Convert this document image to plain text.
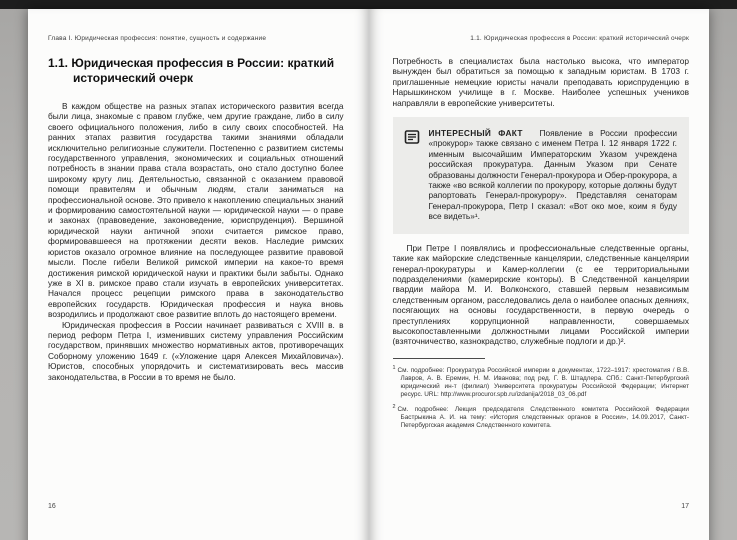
Глава I. Юридическая профессия: понятие, сущность и содержание
1.1. Юридическая профессия в России: краткий исторический очерк

В каждом обществе на разных этапах исторического развития всегда были лица, знакомые с правом глубже, чем другие граждане, либо в силу своего официального положения, либо в силу своих способностей. На ранних этапах развития государства такими знаниями обладали исключительно религиозные служители. Постепенно с развитием системы государственного управления, экономических и социальных отношений потребность в знании права стала возрастать, оно стало доступно более широкому кругу лиц. Деятельностью, связанной с оказанием правовой помощи правителям и обычным людям, стали заниматься на профессиональной основе. Это привело к накоплению специальных знаний и формированию самостоятельной науки — юридической науки — о праве и законах (правоведение, законоведение, юриспруденция). Вершиной юридической науки античной эпохи считается римское право, формировавшееся на протяжении десяти веков. Наследие римских юристов оказало огромное влияние на последующее развитие правовой мысли. После гибели Великой римской империи на какое-то время достижения римской юридической науки и практики были забыты. Однако уже в XI в. римское право стали изучать в европейских университетах. Начался процесс рецепции римского права в законодательство европейских государств. Юридическая профессия и наука вновь возродились и продолжают свое развитие вплоть до настоящего времени.

Юридическая профессия в России начинает развиваться с XVIII в. в период реформ Петра I, изменивших систему управления Российским государством, принявших множество нормативных актов, противоречащих Соборному уложению 1649 г. («Уложение царя Алексея Михайловича»). Юристов, способных упорядочить и систематизировать весь массив законодательства, в России в то время не было.

16
1.1. Юридическая профессия в России: краткий исторический очерк

Потребность в специалистах была настолько высока, что император вынужден был обратиться за помощью к западным юристам. В 1703 г. приглашенные немецкие юристы начали преподавать юриспруденцию в Нарышкинском училище в г. Москве. Наиболее успешных учеников направляли в европейские университеты.

ИНТЕРЕСНЫЙ ФАКТ Появление в России профессии «прокурор» также связано с именем Петра I. 12 января 1722 г. именным высочайшим Императорским Указом учреждена российская прокуратура. Данным Указом при Сенате образованы должности Генерал-прокурора и Обер-прокурора, а также «во всякой коллегии по прокурору, которые должны будут рапортовать Генерал-прокурору». Представляя сенаторам Генерал-прокурора, Петр I сказал: «Вот око мое, коим я буду все видеть»¹.

При Петре I появлялись и профессиональные следственные органы, такие как майорские следственные канцелярии, следственные канцелярии генерал-прокуратуры и Камер-коллегии (с ее территориальными подразделениями (камерирские конторы). В Следственной канцелярии гвардии майора М. И. Волконского, ставшей первым независимым следственным органом, расследовались дела о наиболее опасных деяниях, посягающих на основы государственности, в первую очередь о преступлениях коррупционной направленности, совершаемых высокопоставленными должностными лицами Российской империи (взяточничество, казнокрадство, служебные подлоги и др.)².

$^1$ См. подробнее: Прокуратура Российской империи в документах, 1722–1917: хрестоматия / В.В. Лавров, А. В. Еремин, Н. М. Иванова; под ред. Г. В. Штадлера. СПб.: Санкт-Петербургский юридический ин-т (филиал) Университета прокуратуры Российской Федерации; Интернет ресурс. URL: http://www.procuror.spb.ru/izdanija/2018_03_06.pdf
$^2$ См. подробнее: Лекция председателя Следственного комитета Российской Федерации Бастрыкина А. И. на тему: «История следственных органов в России», 14.09.2017, Санкт-Петербургская академия Следственного комитета.
17
